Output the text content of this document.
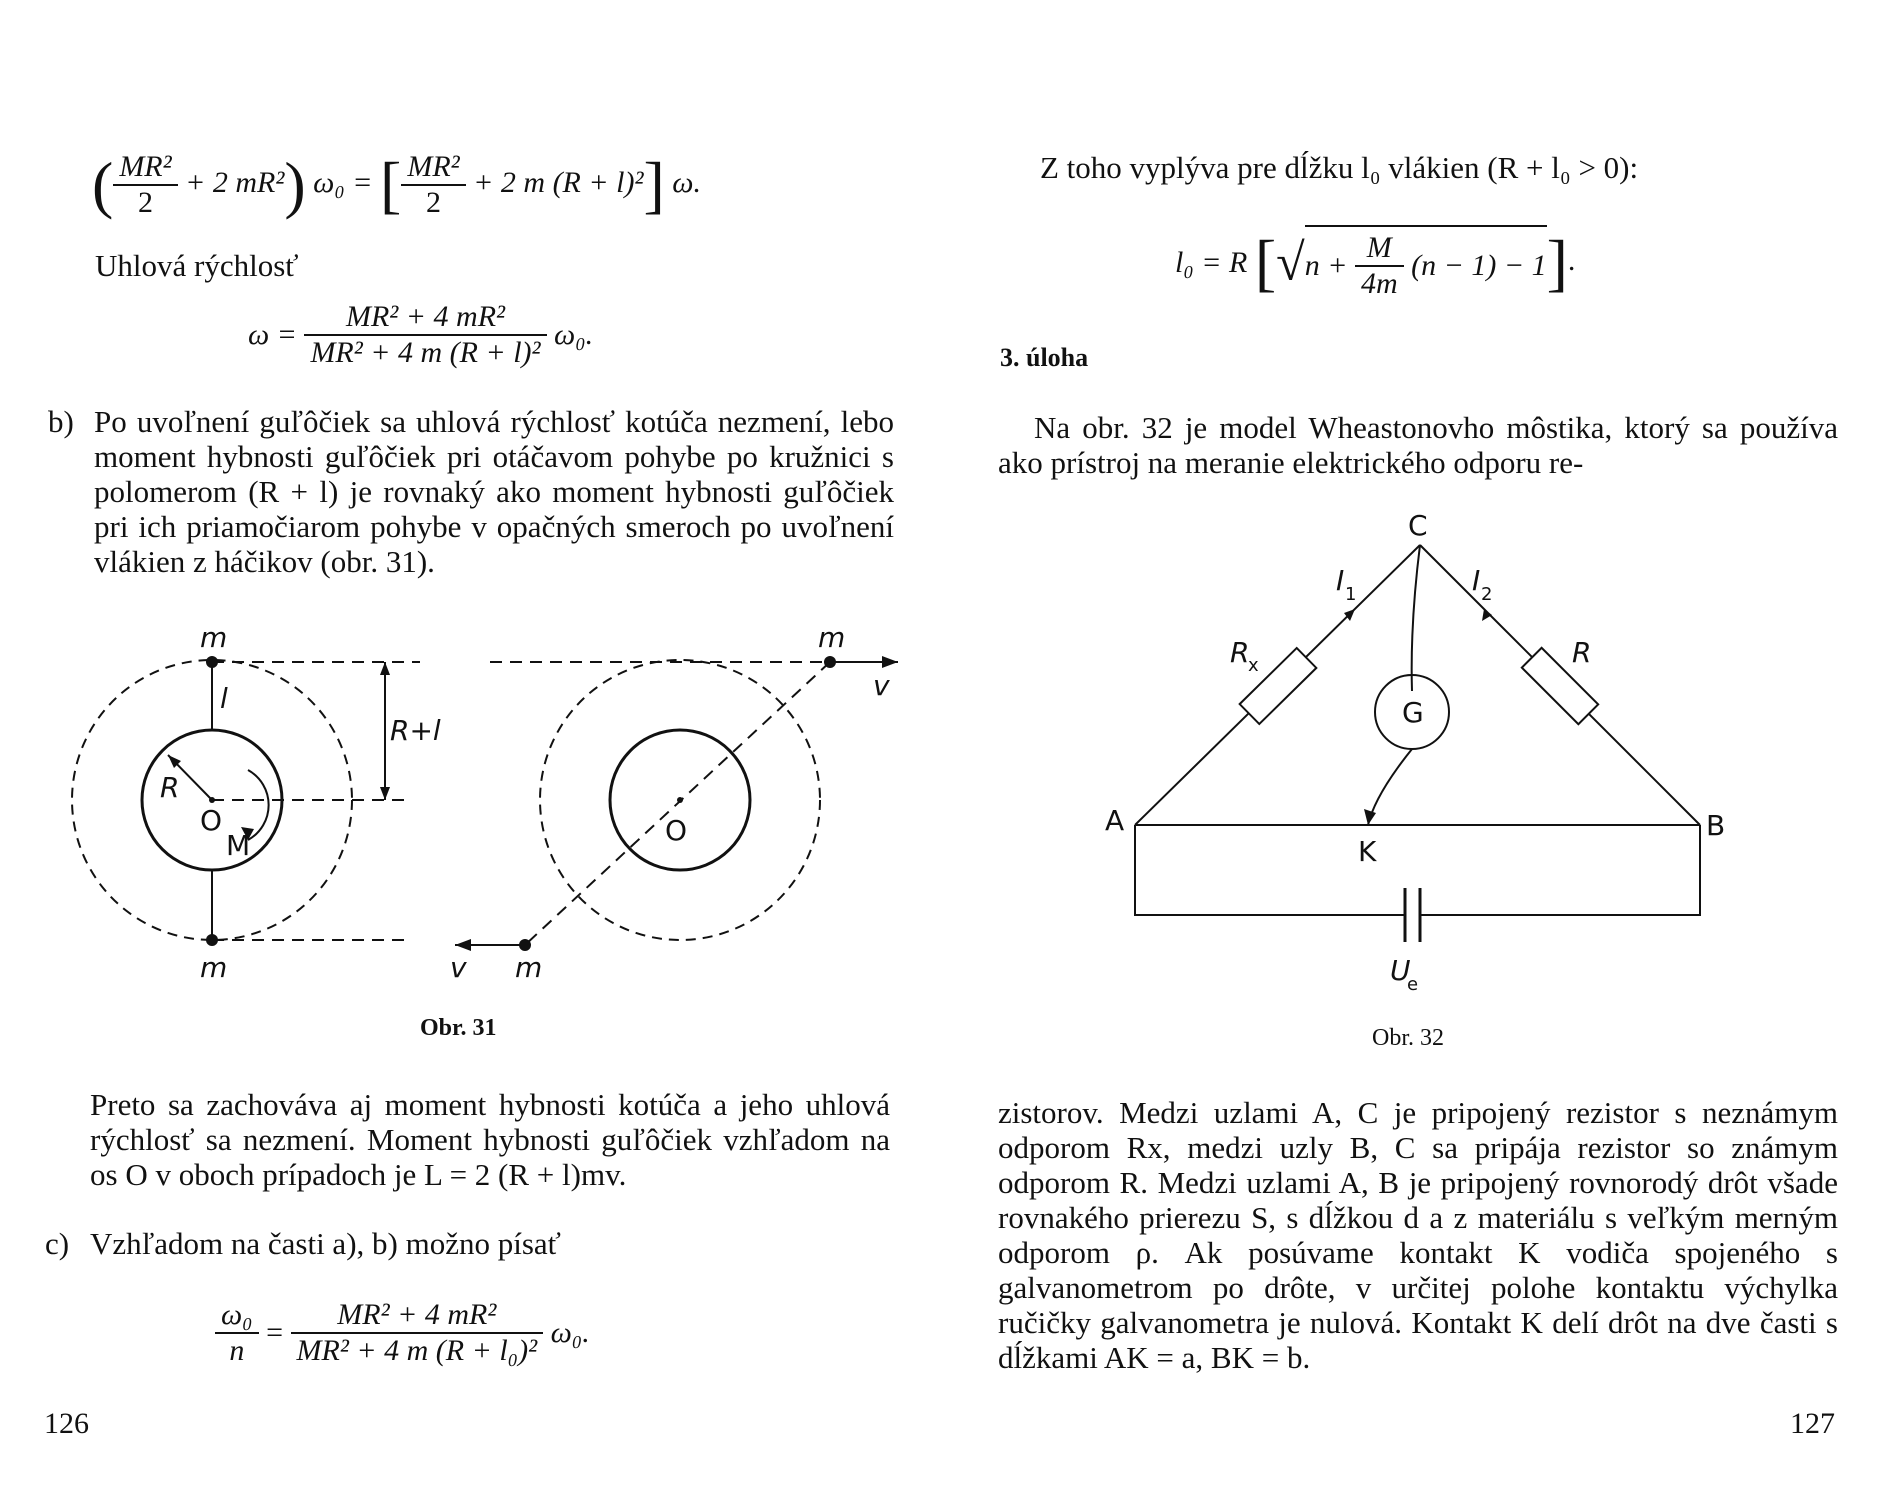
( $\frac{\text{MR²}}{2} + 2$ mR²) ω₀ = [ $\frac{\text{MR²}}{2} + 2$ m (R + l)²] ω.
Uhlová rýchlosť
$\omega = \frac{\text{MR² + 4 mR²}}{\text{MR² + 4 m (R + l)²}} \omega_0$.
b) Po uvoľnení guľôčiek sa uhlová rýchlosť kotúča nezmení, lebo moment hybnosti guľôčiek pri otáčavom pohybe po kružnici s polomerom (R + l) je rovnaký ako moment hybnosti guľôčiek pri ich priamočiarom pohybe v opačných smeroch po uvoľnení vlákien z háčikov (obr. 31).
m
m
l
R+l
R
O
M
m
v
O
v m
Obr. 31
Preto sa zachováva aj moment hybnosti kotúča a jeho uhlová rýchlosť sa nezmení. Moment hybnosti guľôčiek vzhľadom na os O v oboch prípadoch je L = 2 (R + l)mv.
c) Vzhľadom na časti a), b) možno písať
$\frac{\text{ω₀}}{n} = \frac{\text{MR² + 4 mR²}}{\text{MR² + 4 m (R + l₀)²}} \omega_0$.
126
Z toho vyplýva pre dĺžku l₀ vlákien (R + l₀ > 0):
l₀ = R $[√n + \frac{M}{4m} (n - 1) - 1]$.
3. úloha
Na obr. 32 je model Wheastonovho môstika, ktorý sa používa ako prístroj na meranie elektrického odporu re-
C
A	B
K
G
R
R
x
I 1	I 2
U
e
Obr. 32
zistorov. Medzi uzlami A, C je pripojený rezistor s neznámym odporom Rx, medzi uzly B, C sa pripája rezistor so známym odporom R. Medzi uzlami A, B je pripojený rovnorodý drôt všade rovnakého prierezu S, s dĺžkou d a z materiálu s veľkým merným odporom ρ. Ak posúvame kontakt K vodiča spojeného s galvanometrom po drôte, v určitej polohe kontaktu výchylka ručičky galvanometra je nulová. Kontakt K delí drôt na dve časti s dĺžkami AK = a, BK = b.
127
